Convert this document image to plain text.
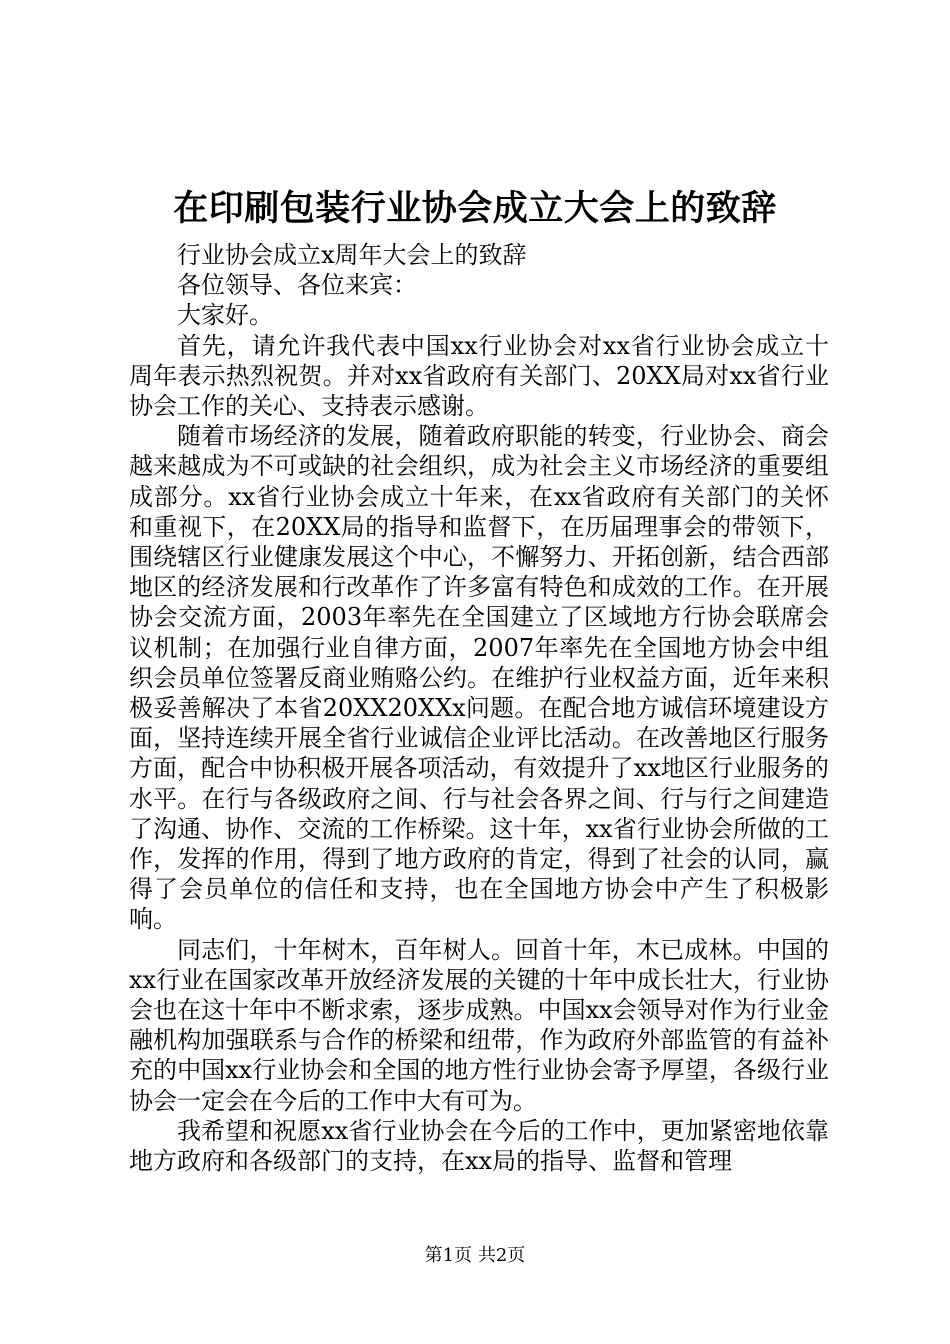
在印刷包装行业协会成立大会上的致辞

行业协会成立x周年大会上的致辞

各位领导、各位来宾：

大家好。

首先，请允许我代表中国xx行业协会对xx省行业协会成立十周年表示热烈祝贺。并对xx省政府有关部门、20XX局对xx省行业协会工作的关心、支持表示感谢。

随着市场经济的发展，随着政府职能的转变，行业协会、商会越来越成为不可或缺的社会组织，成为社会主义市场经济的重要组成部分。xx省行业协会成立十年来，在xx省政府有关部门的关怀和重视下，在20XX局的指导和监督下，在历届理事会的带领下，围绕辖区行业健康发展这个中心，不懈努力、开拓创新，结合西部地区的经济发展和行改革作了许多富有特色和成效的工作。在开展协会交流方面，2003年率先在全国建立了区域地方行协会联席会议机制；在加强行业自律方面，2007年率先在全国地方协会中组织会员单位签署反商业贿赂公约。在维护行业权益方面，近年来积极妥善解决了本省20XX20XXx问题。在配合地方诚信环境建设方面，坚持连续开展全省行业诚信企业评比活动。在改善地区行服务方面，配合中协积极开展各项活动，有效提升了xx地区行业服务的水平。在行与各级政府之间、行与社会各界之间、行与行之间建造了沟通、协作、交流的工作桥梁。这十年，xx省行业协会所做的工作，发挥的作用，得到了地方政府的肯定，得到了社会的认同，赢得了会员单位的信任和支持，也在全国地方协会中产生了积极影响。

同志们，十年树木，百年树人。回首十年，木已成林。中国的xx行业在国家改革开放经济发展的关键的十年中成长壮大，行业协会也在这十年中不断求索，逐步成熟。中国xx会领导对作为行业金融机构加强联系与合作的桥梁和纽带，作为政府外部监管的有益补充的中国xx行业协会和全国的地方性行业协会寄予厚望，各级行业协会一定会在今后的工作中大有可为。

我希望和祝愿xx省行业协会在今后的工作中，更加紧密地依靠地方政府和各级部门的支持，在xx局的指导、监督和管理

第1页 共2页
